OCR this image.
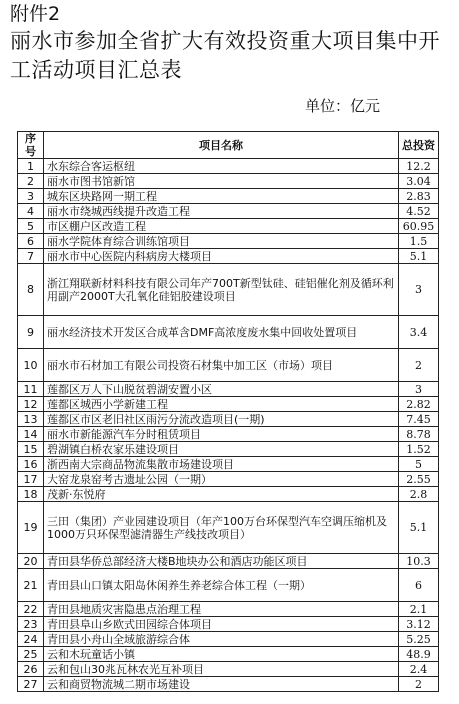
附件2
丽水市参加全省扩大有效投资重大项目集中开工活动项目汇总表
单位：亿元
序号	项目名称	总投资
1	水东综合客运枢纽	12.2
2	丽水市图书馆新馆	3.04
3	城东区块路网一期工程	2.83
4	丽水市绕城西线提升改造工程	4.52
5	市区棚户区改造工程	60.95
6	丽水学院体育综合训练馆项目	1.5
7	丽水市中心医院内科病房大楼项目	5.1
8	浙江翔联新材料科技有限公司年产700T新型钛硅、硅铝催化剂及循环利用副产2000T大孔氧化硅铝胶建设项目	3
9	丽水经济技术开发区合成革含DMF高浓度废水集中回收处置项目	3.4
10	丽水市石材加工有限公司投资石材集中加工区（市场）项目	2
11	莲都区万人下山脱贫碧湖安置小区	3
12	莲都区城西小学新建工程	2.82
13	莲都区市区老旧社区雨污分流改造项目(一期)	7.45
14	丽水市新能源汽车分时租赁项目	8.78
15	碧湖镇白桥农家乐建设项目	1.52
16	浙西南大宗商品物流集散市场建设项目	5
17	大窑龙泉窑考古遗址公园（一期）	2.55
18	茂新·东悦府	2.8
19	三田（集团）产业园建设项目（年产100万台环保型汽车空调压缩机及1000万只环保型滤清器生产线技改项目）	5.1
20	青田县华侨总部经济大楼B地块办公和酒店功能区项目	10.3
21	青田县山口镇太阳岛休闲养生养老综合体工程（一期）	6
22	青田县地质灾害隐患点治理工程	2.1
23	青田县阜山乡欧式田园综合体项目	3.12
24	青田县小舟山全域旅游综合体	5.25
25	云和木玩童话小镇	48.9
26	云和包山30兆瓦林农光互补项目	2.4
27	云和商贸物流城二期市场建设	2
